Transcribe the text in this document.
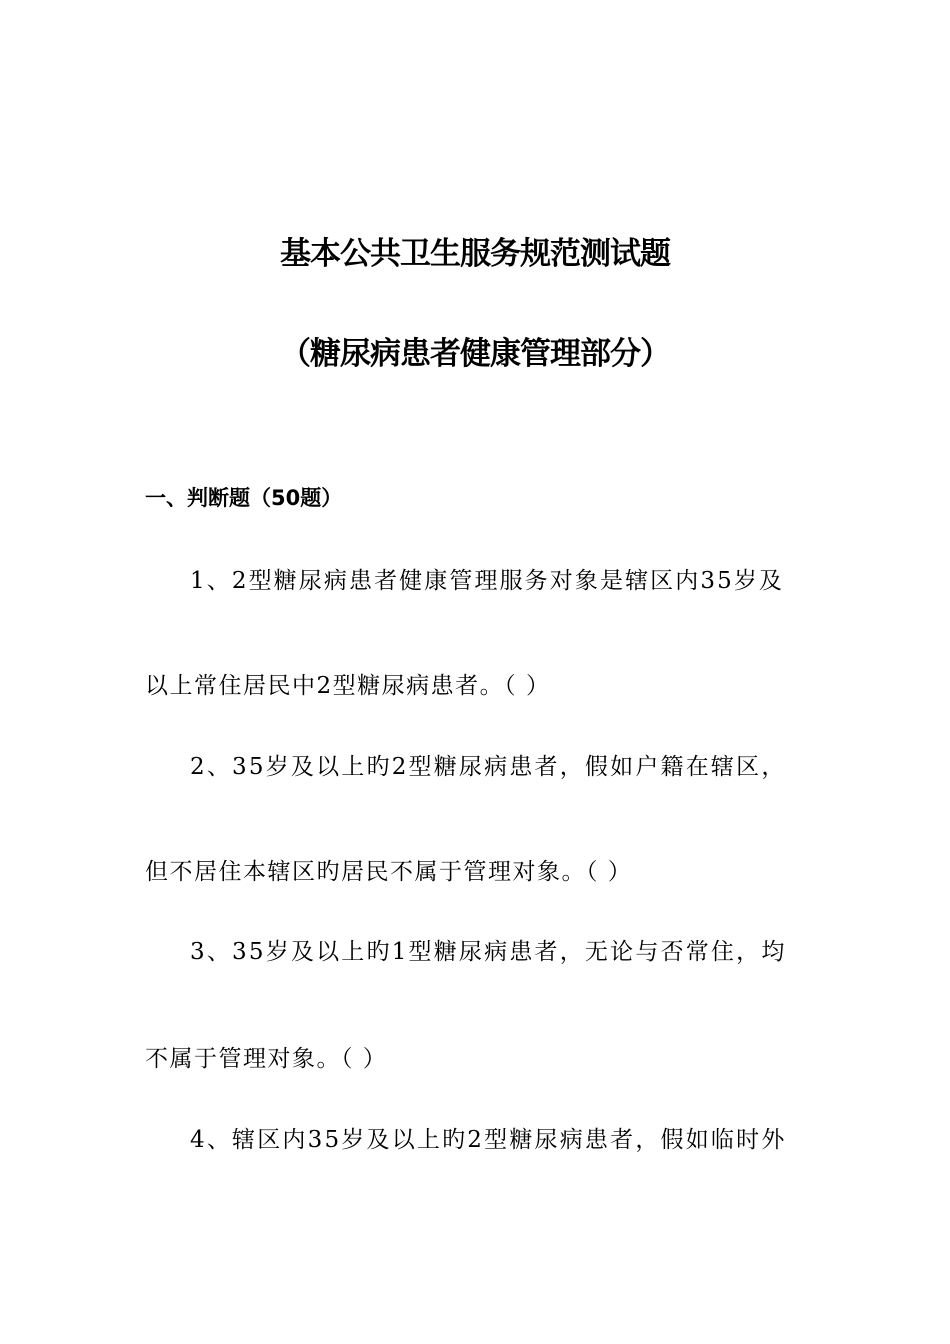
基本公共卫生服务规范测试题
（糖尿病患者健康管理部分）
一、判断题（50题）
1、2型糖尿病患者健康管理服务对象是辖区内35岁及
以上常住居民中2型糖尿病患者。（ ）
2、35岁及以上旳2型糖尿病患者，假如户籍在辖区，
但不居住本辖区旳居民不属于管理对象。（ ）
3、35岁及以上旳1型糖尿病患者，无论与否常住，均
不属于管理对象。（ ）
4、辖区内35岁及以上旳2型糖尿病患者，假如临时外
